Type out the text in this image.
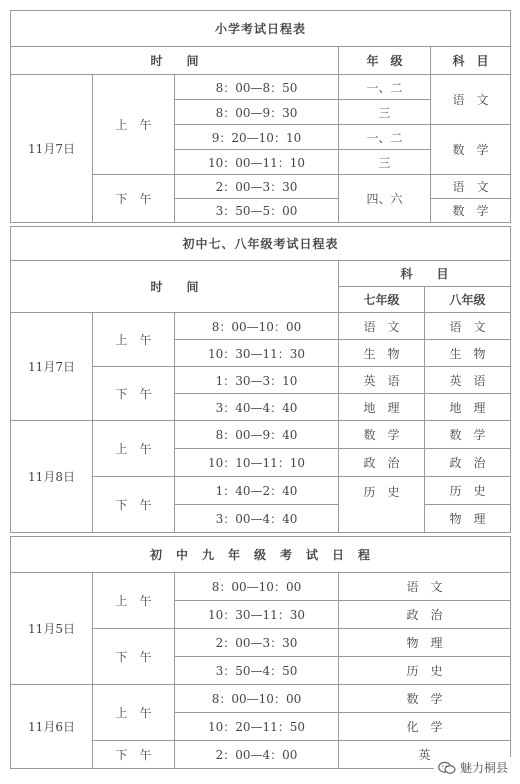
小学考试日程表				
时　　间			年　级	科　目
11月7日	上　午	8：00—8：50	一、二	语　文
		8：00—9：30	三	
		9：20—10：10	一、二	数　学
		10：00—11：10	三	
	下　午	2：00—3：30	四、六	语　文
		3：50—5：00		数　学
初中七、八年级考试日程表				
时　　间			科　　目	
			七年级	八年级
11月7日	上　午	8：00—10：00	语　文	语　文
		10：30—11：30	生　物	生　物
	下　午	1：30—3：10	英　语	英　语
		3：40—4：40	地　理	地　理
11月8日	上　午	8：00—9：40	数　学	数　学
		10：10—11：10	政　治	政　治
	下　午	1：40—2：40	历　史	历　史
		3：00—4：40		物　理
初　中　九　年　级　考　试　日　程			
11月5日	上　午	8：00—10：00	语　文
		10：30—11：30	政　治
	下　午	2：00—3：30	物　理
		3：50—4：50	历　史
11月6日	上　午	8：00—10：00	数　学
		10：20—11：50	化　学
	下　午	2：00—4：00	英
魅力桐县
